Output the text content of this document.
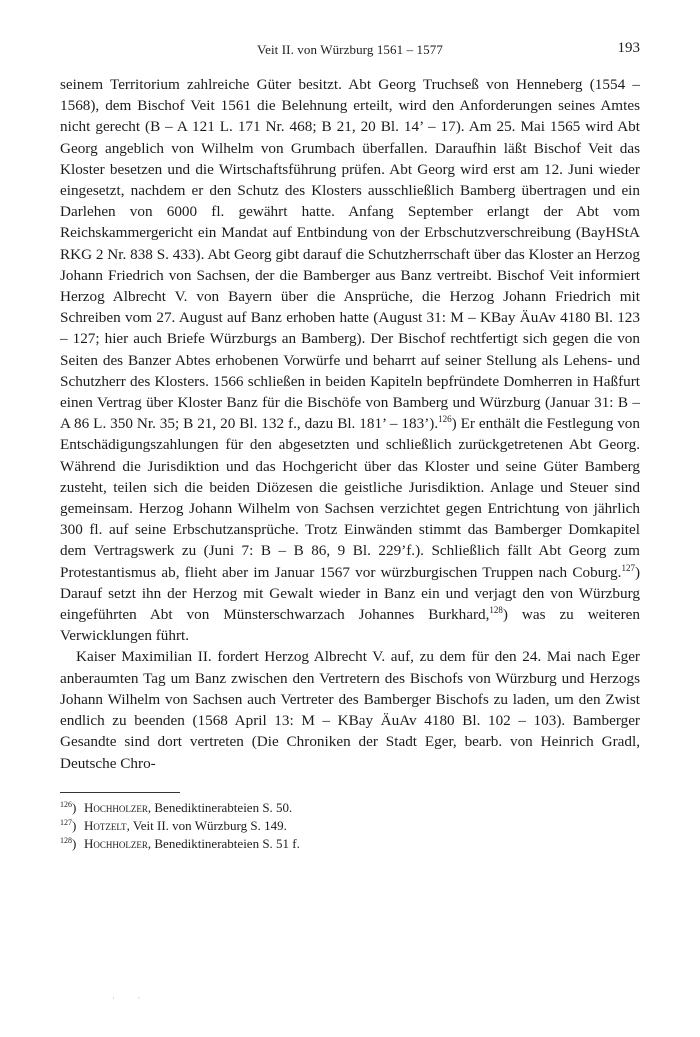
Veit II. von Würzburg 1561 – 1577	193

seinem Territorium zahlreiche Güter besitzt. Abt Georg Truchseß von Henneberg (1554 – 1568), dem Bischof Veit 1561 die Belehnung erteilt, wird den Anforderungen seines Amtes nicht gerecht (B – A 121 L. 171 Nr. 468; B 21, 20 Bl. 14’ – 17). Am 25. Mai 1565 wird Abt Georg angeblich von Wilhelm von Grumbach überfallen. Daraufhin läßt Bischof Veit das Kloster besetzen und die Wirtschaftsführung prüfen. Abt Georg wird erst am 12. Juni wieder eingesetzt, nachdem er den Schutz des Klosters ausschließlich Bamberg übertragen und ein Darlehen von 6000 fl. gewährt hatte. Anfang September erlangt der Abt vom Reichskammergericht ein Mandat auf Entbindung von der Erbschutzverschreibung (BayHStA RKG 2 Nr. 838 S. 433). Abt Georg gibt darauf die Schutzherrschaft über das Kloster an Herzog Johann Friedrich von Sachsen, der die Bamberger aus Banz vertreibt. Bischof Veit informiert Herzog Albrecht V. von Bayern über die Ansprüche, die Herzog Johann Friedrich mit Schreiben vom 27. August auf Banz erhoben hatte (August 31: M – KBay ÄuAv 4180 Bl. 123 – 127; hier auch Briefe Würzburgs an Bamberg). Der Bischof rechtfertigt sich gegen die von Seiten des Banzer Abtes erhobenen Vorwürfe und beharrt auf seiner Stellung als Lehens- und Schutzherr des Klosters. 1566 schließen in beiden Kapiteln bepfründete Domherren in Haßfurt einen Vertrag über Kloster Banz für die Bischöfe von Bamberg und Würzburg (Januar 31: B – A 86 L. 350 Nr. 35; B 21, 20 Bl. 132 f., dazu Bl. 181’ – 183’).$^{126}$) Er enthält die Festlegung von Entschädigungszahlungen für den abgesetzten und schließlich zurückgetretenen Abt Georg. Während die Jurisdiktion und das Hochgericht über das Kloster und seine Güter Bamberg zusteht, teilen sich die beiden Diözesen die geistliche Jurisdiktion. Anlage und Steuer sind gemeinsam. Herzog Johann Wilhelm von Sachsen verzichtet gegen Entrichtung von jährlich 300 fl. auf seine Erbschutzansprüche. Trotz Einwänden stimmt das Bamberger Domkapitel dem Vertragswerk zu (Juni 7: B – B 86, 9 Bl. 229’f.). Schließlich fällt Abt Georg zum Protestantismus ab, flieht aber im Januar 1567 vor würzburgischen Truppen nach Coburg.$^{127}$) Darauf setzt ihn der Herzog mit Gewalt wieder in Banz ein und verjagt den von Würzburg eingeführten Abt von Münsterschwarzach Johannes Burkhard,$^{128}$) was zu weiteren Verwicklungen führt.

Kaiser Maximilian II. fordert Herzog Albrecht V. auf, zu dem für den 24. Mai nach Eger anberaumten Tag um Banz zwischen den Vertretern des Bischofs von Würzburg und Herzogs Johann Wilhelm von Sachsen auch Vertreter des Bamberger Bischofs zu laden, um den Zwist endlich zu beenden (1568 April 13: M – KBay ÄuAv 4180 Bl. 102 – 103). Bamberger Gesandte sind dort vertreten (Die Chroniken der Stadt Eger, bearb. von Heinrich Gradl, Deutsche Chro-

$^{126}$) Hochholzer, Benediktinerabteien S. 50.
$^{127}$) Hotzelt, Veit II. von Würzburg S. 149.
$^{128}$) Hochholzer, Benediktinerabteien S. 51 f.
· ·
